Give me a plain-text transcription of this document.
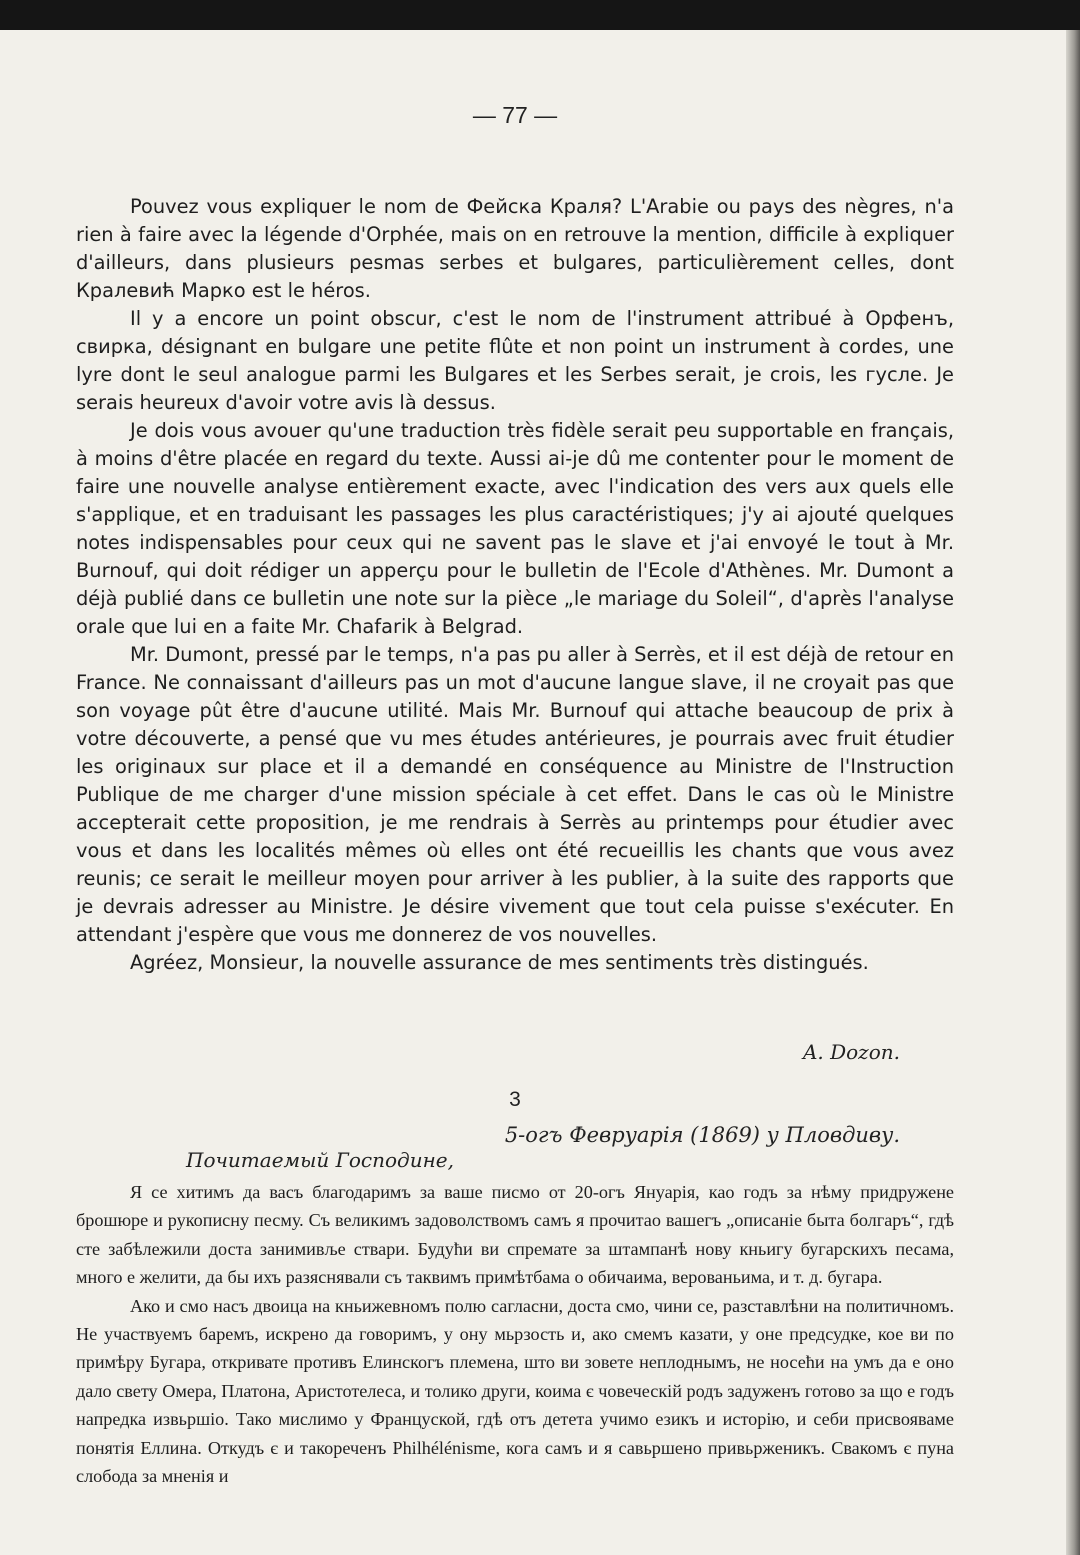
— 77 —

Pouvez vous expliquer le nom de Фейска Краля? L'Arabie ou pays des nègres, n'a rien à faire avec la légende d'Orphée, mais on en retrouve la mention, difficile à expliquer d'ailleurs, dans plusieurs pesmas serbes et bulgares, particulièrement celles, dont Кралевић Марко est le héros.

Il y a encore un point obscur, c'est le nom de l'instrument attribué à Орфенъ, свирка, désignant en bulgare une petite flûte et non point un instrument à cordes, une lyre dont le seul analogue parmi les Bulgares et les Serbes serait, je crois, les гусле. Je serais heureux d'avoir votre avis là dessus.

Je dois vous avouer qu'une traduction très fidèle serait peu supportable en français, à moins d'être placée en regard du texte. Aussi ai-je dû me contenter pour le moment de faire une nouvelle analyse entièrement exacte, avec l'indication des vers aux quels elle s'applique, et en traduisant les passages les plus caractéristiques; j'y ai ajouté quelques notes indispensables pour ceux qui ne savent pas le slave et j'ai envoyé le tout à Mr. Burnouf, qui doit rédiger un apperçu pour le bulletin de l'Ecole d'Athènes. Mr. Dumont a déjà publié dans ce bulletin une note sur la pièce „le mariage du Soleil“, d'après l'analyse orale que lui en a faite Mr. Chafarik à Belgrad.

Mr. Dumont, pressé par le temps, n'a pas pu aller à Serrès, et il est déjà de retour en France. Ne connaissant d'ailleurs pas un mot d'aucune langue slave, il ne croyait pas que son voyage pût être d'aucune utilité. Mais Mr. Burnouf qui attache beaucoup de prix à votre découverte, a pensé que vu mes études antérieures, je pourrais avec fruit étudier les originaux sur place et il a demandé en conséquence au Ministre de l'Instruction Publique de me charger d'une mission spéciale à cet effet. Dans le cas où le Ministre accepterait cette proposition, je me rendrais à Serrès au printemps pour étudier avec vous et dans les localités mêmes où elles ont été recueillis les chants que vous avez reunis; ce serait le meilleur moyen pour arriver à les publier, à la suite des rapports que je devrais adresser au Ministre. Je désire vivement que tout cela puisse s'exécuter. En attendant j'espère que vous me donnerez de vos nouvelles.

Agréez, Monsieur, la nouvelle assurance de mes sentiments très distingués.

A. Dozon.
3
5-огъ Февруарія (1869) у Пловдиву.
Почитаемый Господине,

Я се хитимъ да васъ благодаримъ за ваше писмо от 20-огъ Януарія, као годъ за нѣму придружене брошюре и рукописну песму. Съ великимъ задоволствомъ самъ я прочитао вашегъ „описаніе быта болгаръ“, гдѣ сте забѣлежили доста занимивље ствари. Будући ви спремате за штампанѣ нову кньигу бугарскихъ песама, много е желити, да бы ихъ разяснявали съ таквимъ примѣтбама о обичаима, верованьима, и т. д. бугара.

Ако и смо насъ двоица на кньижевномъ полю сагласни, доста смо, чини се, разставлѣни на политичномъ. Не участвуемъ баремъ, искрено да говоримъ, у ону мьрзость и, ако смемъ казати, у оне предсудке, кое ви по примѣру Бугара, откривате противъ Елинскогъ племена, што ви зовете неплоднымъ, не носећи на умъ да е оно дало свету Омера, Платона, Аристотелеса, и толико други, коима є човеческій родъ задуженъ готово за що е годъ напредка извьршіо. Тако мислимо у Француской, гдѣ отъ детета учимо езикъ и исторію, и себи присвояваме понятія Еллина. Откудъ є и такореченъ Philhélénisme, кога самъ и я савьршено привьрженикъ. Свакомъ є пуна слобода за мненія и
